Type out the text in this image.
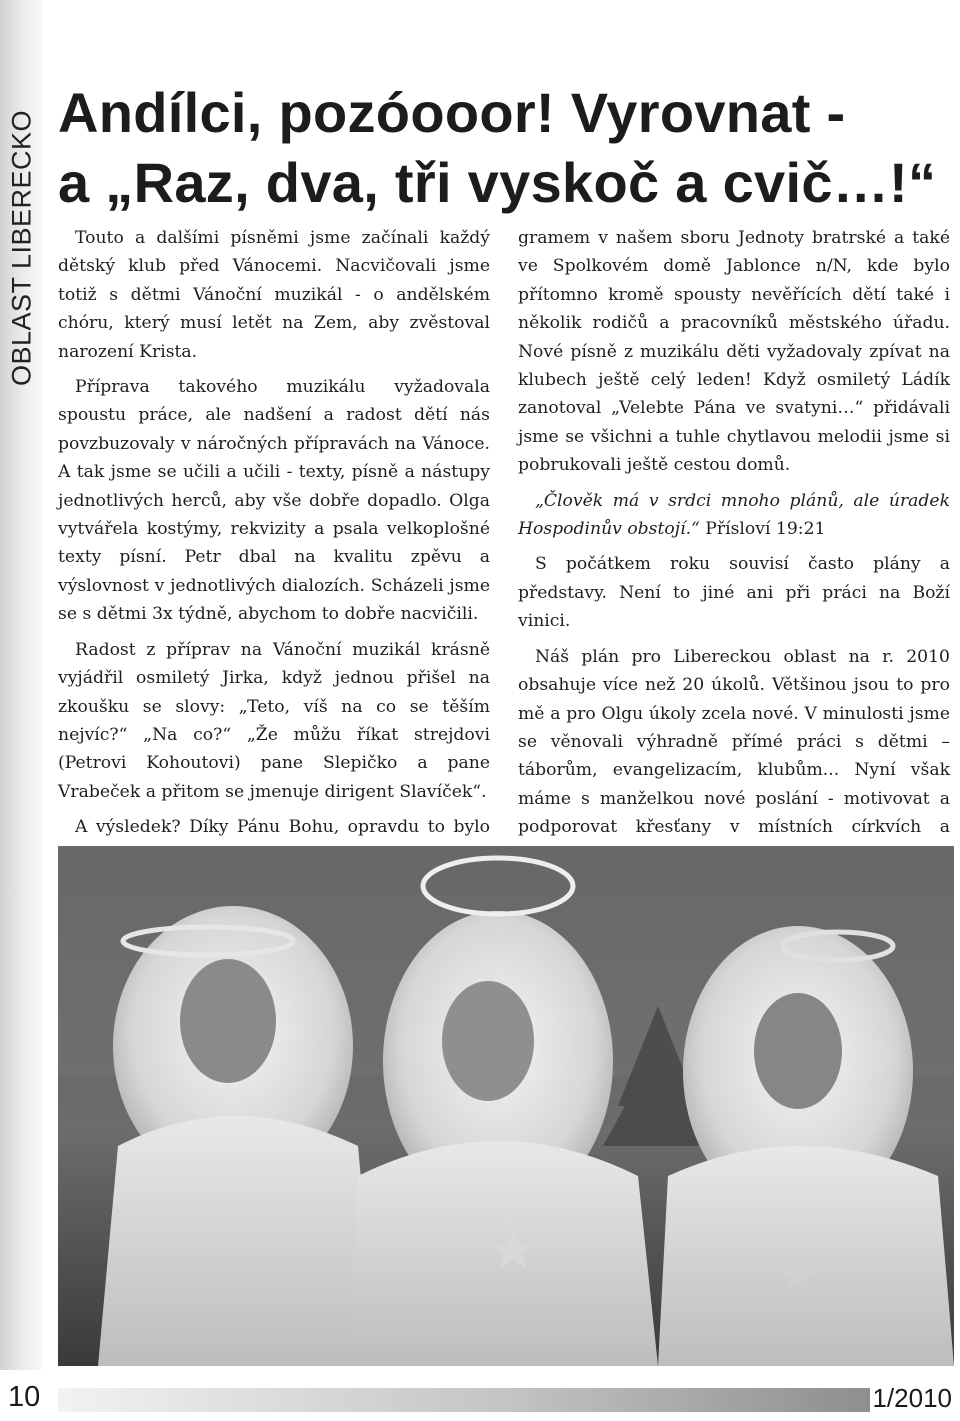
OBLAST LIBERECKO Andílci, pozóooor! Vyrovnat -
a „Raz, dva, tři vyskoč a cvič…!“

Touto a dalšími písněmi jsme začínali každý dětský klub před Vánocemi. Nacvičovali jsme totiž s dětmi Vánoční muzikál - o andělském chóru, který musí letět na Zem, aby zvěstoval narození Krista.

Příprava takového muzikálu vyžadovala spoustu práce, ale nadšení a radost dětí nás povzbuzovaly v náročných přípravách na Vánoce. A tak jsme se učili a učili - texty, písně a nástupy jednotlivých herců, aby vše dobře dopadlo. Olga vytvářela kostýmy, rekvizity a psala velkoplošné texty písní. Petr dbal na kvalitu zpěvu a výslovnost v jednotlivých dialozích. Scházeli jsme se s dětmi 3x týdně, abychom to dobře nacvičili.

Radost z příprav na Vánoční muzikál krásně vyjádřil osmiletý Jirka, když jednou přišel na zkoušku se slovy: „Teto, víš na co se těším nejvíc?“ „Na co?“ „Že můžu říkat strejdovi (Petrovi Kohoutovi) pane Slepičko a pane Vrabeček a přitom se jmenuje dirigent Slavíček“.

A výsledek? Díky Pánu Bohu, opravdu to bylo

gramem v našem sboru Jednoty bratrské a také ve Spolkovém domě Jablonce n/N, kde bylo přítomno kromě spousty nevěřících dětí také i několik rodičů a pracovníků městského úřadu. Nové písně z muzikálu děti vyžadovaly zpívat na klubech ještě celý leden! Když osmiletý Ládík zanotoval „Velebte Pána ve svatyni…“ přidávali jsme se všichni a tuhle chytlavou melodii jsme si pobrukovali ještě cestou domů.

„Člověk má v srdci mnoho plánů, ale úradek Hospodinův obstojí.“ Přísloví 19:21

S počátkem roku souvisí často plány a představy. Není to jiné ani při práci na Boží vinici.

Náš plán pro Libereckou oblast na r. 2010 obsahuje více než 20 úkolů. Většinou jsou to pro mě a pro Olgu úkoly zcela nové. V minulosti jsme se věnovali výhradně přímé práci s dětmi – táborům, evangelizacím, klubům... Nyní však máme s manželkou nové poslání - motivovat a podporovat křesťany v místních církvích a

10	1/2010
